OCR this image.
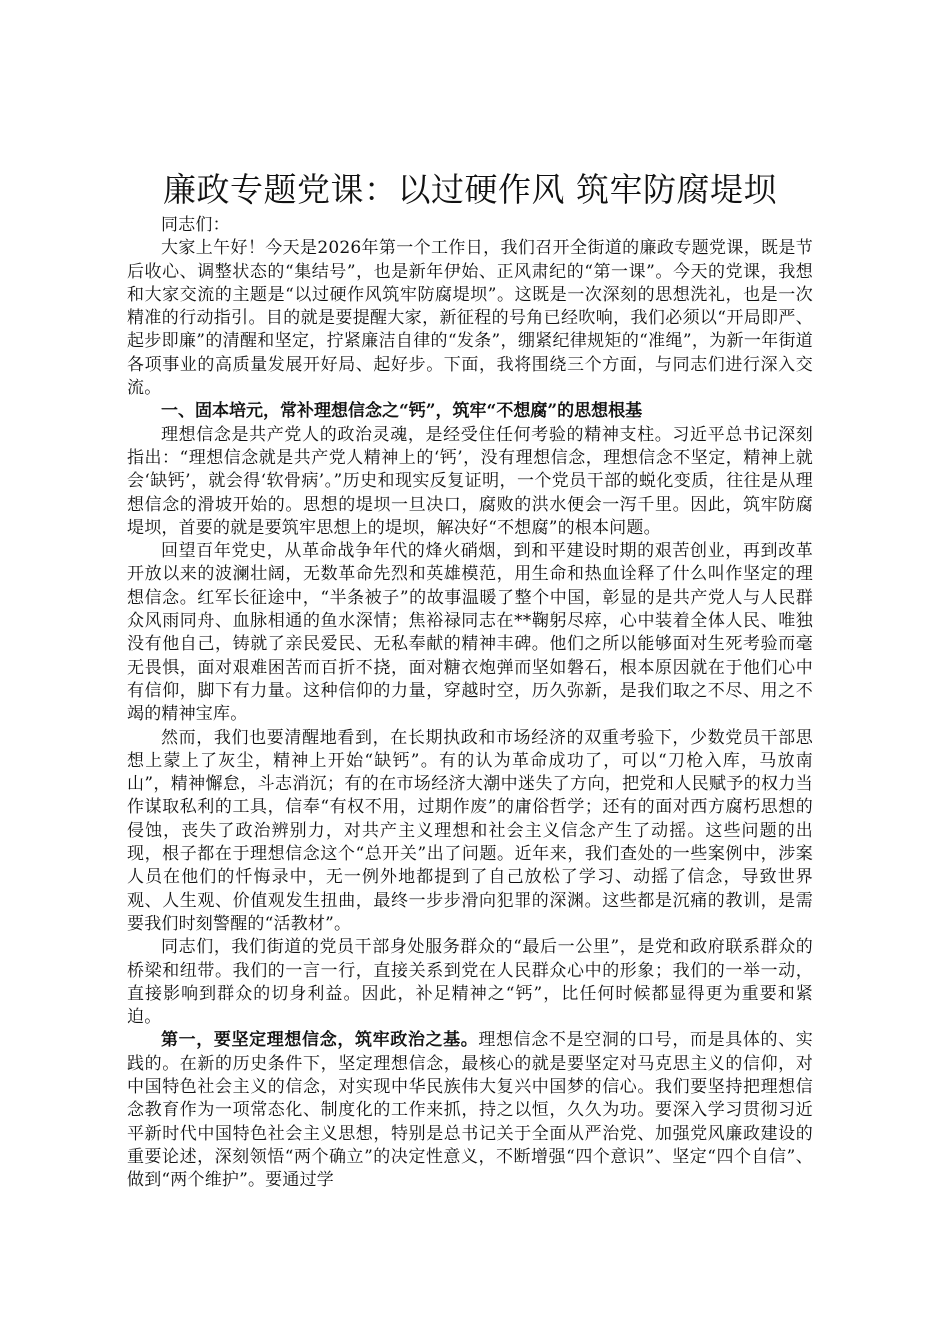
廉政专题党课：以过硬作风 筑牢防腐堤坝

同志们：

大家上午好！今天是2026年第一个工作日，我们召开全街道的廉政专题党课，既是节后收心、调整状态的“集结号”，也是新年伊始、正风肃纪的“第一课”。今天的党课，我想和大家交流的主题是“以过硬作风筑牢防腐堤坝”。这既是一次深刻的思想洗礼，也是一次精准的行动指引。目的就是要提醒大家，新征程的号角已经吹响，我们必须以“开局即严、起步即廉”的清醒和坚定，拧紧廉洁自律的“发条”，绷紧纪律规矩的“准绳”，为新一年街道各项事业的高质量发展开好局、起好步。下面，我将围绕三个方面，与同志们进行深入交流。

一、固本培元，常补理想信念之“钙”，筑牢“不想腐”的思想根基

理想信念是共产党人的政治灵魂，是经受住任何考验的精神支柱。习近平总书记深刻指出：“理想信念就是共产党人精神上的‘钙’，没有理想信念，理想信念不坚定，精神上就会‘缺钙’，就会得‘软骨病’。”历史和现实反复证明，一个党员干部的蜕化变质，往往是从理想信念的滑坡开始的。思想的堤坝一旦决口，腐败的洪水便会一泻千里。因此，筑牢防腐堤坝，首要的就是要筑牢思想上的堤坝，解决好“不想腐”的根本问题。

回望百年党史，从革命战争年代的烽火硝烟，到和平建设时期的艰苦创业，再到改革开放以来的波澜壮阔，无数革命先烈和英雄模范，用生命和热血诠释了什么叫作坚定的理想信念。红军长征途中，“半条被子”的故事温暖了整个中国，彰显的是共产党人与人民群众风雨同舟、血脉相通的鱼水深情；焦裕禄同志在**鞠躬尽瘁，心中装着全体人民、唯独没有他自己，铸就了亲民爱民、无私奉献的精神丰碑。他们之所以能够面对生死考验而毫无畏惧，面对艰难困苦而百折不挠，面对糖衣炮弹而坚如磐石，根本原因就在于他们心中有信仰，脚下有力量。这种信仰的力量，穿越时空，历久弥新，是我们取之不尽、用之不竭的精神宝库。

然而，我们也要清醒地看到，在长期执政和市场经济的双重考验下，少数党员干部思想上蒙上了灰尘，精神上开始“缺钙”。有的认为革命成功了，可以“刀枪入库，马放南山”，精神懈怠，斗志消沉；有的在市场经济大潮中迷失了方向，把党和人民赋予的权力当作谋取私利的工具，信奉“有权不用，过期作废”的庸俗哲学；还有的面对西方腐朽思想的侵蚀，丧失了政治辨别力，对共产主义理想和社会主义信念产生了动摇。这些问题的出现，根子都在于理想信念这个“总开关”出了问题。近年来，我们查处的一些案例中，涉案人员在他们的忏悔录中，无一例外地都提到了自己放松了学习、动摇了信念，导致世界观、人生观、价值观发生扭曲，最终一步步滑向犯罪的深渊。这些都是沉痛的教训，是需要我们时刻警醒的“活教材”。

同志们，我们街道的党员干部身处服务群众的“最后一公里”，是党和政府联系群众的桥梁和纽带。我们的一言一行，直接关系到党在人民群众心中的形象；我们的一举一动，直接影响到群众的切身利益。因此，补足精神之“钙”，比任何时候都显得更为重要和紧迫。

第一，要坚定理想信念，筑牢政治之基。理想信念不是空洞的口号，而是具体的、实践的。在新的历史条件下，坚定理想信念，最核心的就是要坚定对马克思主义的信仰，对中国特色社会主义的信念，对实现中华民族伟大复兴中国梦的信心。我们要坚持把理想信念教育作为一项常态化、制度化的工作来抓，持之以恒，久久为功。要深入学习贯彻习近平新时代中国特色社会主义思想，特别是总书记关于全面从严治党、加强党风廉政建设的重要论述，深刻领悟“两个确立”的决定性意义，不断增强“四个意识”、坚定“四个自信”、做到“两个维护”。要通过学
